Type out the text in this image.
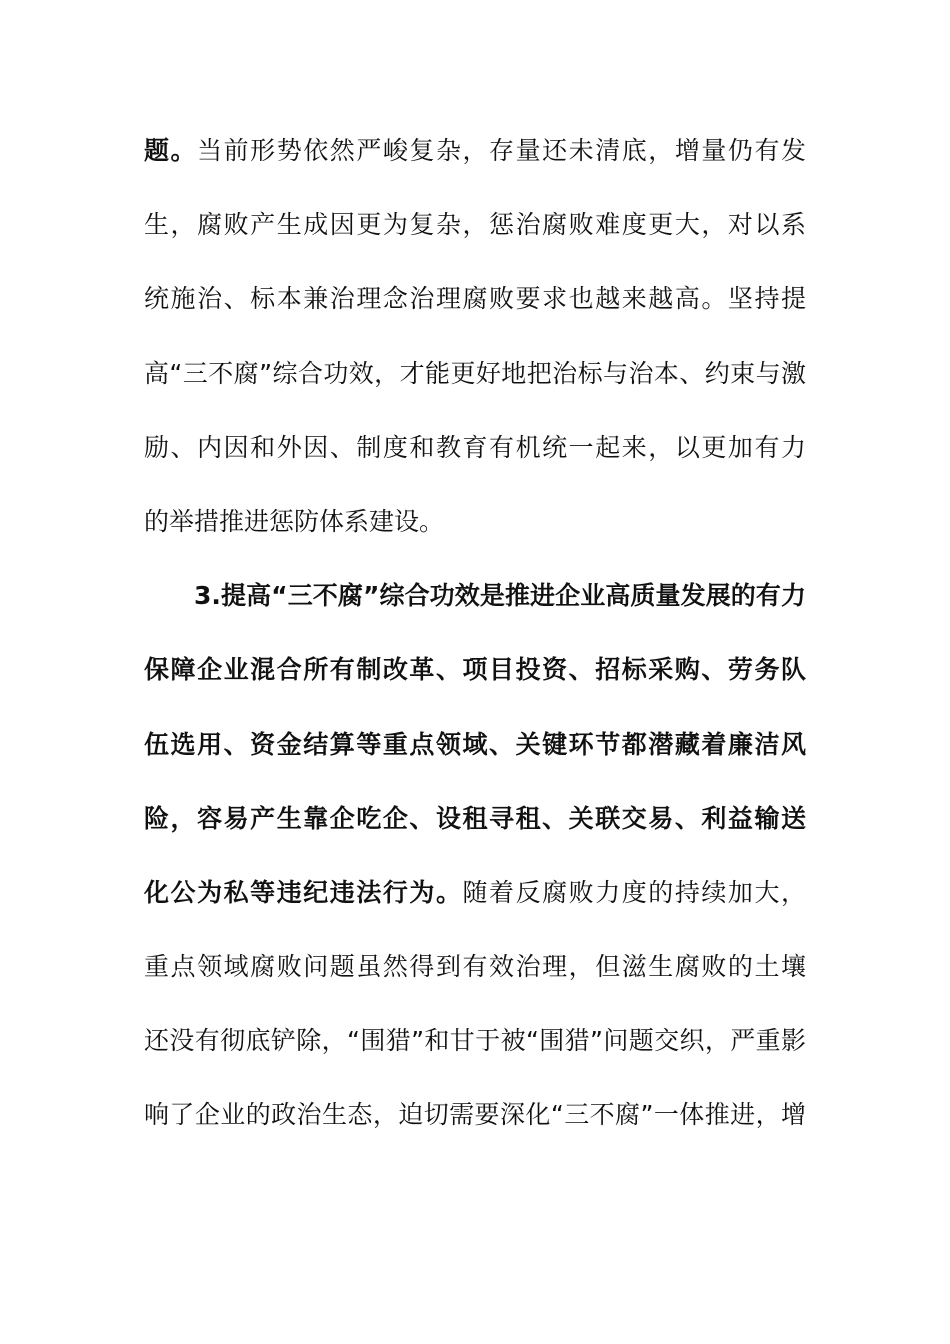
题。当前形势依然严峻复杂，存量还未清底，增量仍有发
生，腐败产生成因更为复杂，惩治腐败难度更大，对以系
统施治、标本兼治理念治理腐败要求也越来越高。坚持提
高“三不腐”综合功效，才能更好地把治标与治本、约束与激
励、内因和外因、制度和教育有机统一起来，以更加有力
的举措推进惩防体系建设。
3.提高“三不腐”综合功效是推进企业高质量发展的有力
保障企业混合所有制改革、项目投资、招标采购、劳务队
伍选用、资金结算等重点领域、关键环节都潜藏着廉洁风
险，容易产生靠企吃企、设租寻租、关联交易、利益输送
化公为私等违纪违法行为。随着反腐败力度的持续加大，
重点领域腐败问题虽然得到有效治理，但滋生腐败的土壤
还没有彻底铲除，“围猎”和甘于被“围猎”问题交织，严重影
响了企业的政治生态，迫切需要深化“三不腐”一体推进，增
